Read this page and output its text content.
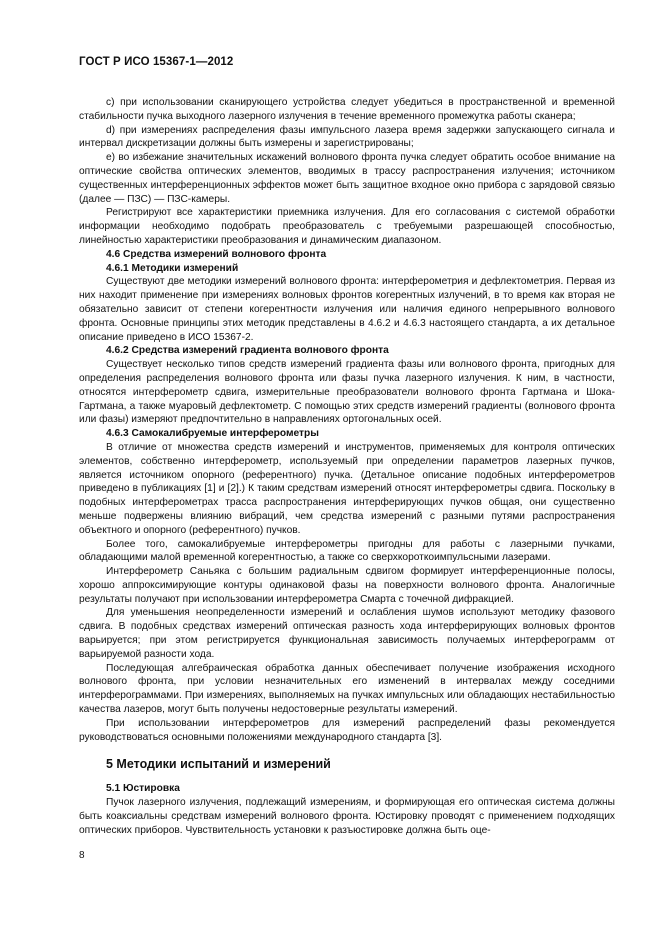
ГОСТ Р ИСО 15367-1—2012

c) при использовании сканирующего устройства следует убедиться в пространственной и временной стабильности пучка выходного лазерного излучения в течение временного промежутка работы сканера;

d) при измерениях распределения фазы импульсного лазера время задержки запускающего сигнала и интервал дискретизации должны быть измерены и зарегистрированы;

e) во избежание значительных искажений волнового фронта пучка следует обратить особое внимание на оптические свойства оптических элементов, вводимых в трассу распространения излучения; источником существенных интерференционных эффектов может быть защитное входное окно прибора с зарядовой связью (далее — ПЗС) — ПЗС-камеры.

Регистрируют все характеристики приемника излучения. Для его согласования с системой обработки информации необходимо подобрать преобразователь с требуемыми разрешающей способностью, линейностью характеристики преобразования и динамическим диапазоном.

4.6 Средства измерений волнового фронта
4.6.1 Методики измерений

Существуют две методики измерений волнового фронта: интерферометрия и дефлектометрия. Первая из них находит применение при измерениях волновых фронтов когерентных излучений, в то время как вторая не обязательно зависит от степени когерентности излучения или наличия единого непрерывного волнового фронта. Основные принципы этих методик представлены в 4.6.2 и 4.6.3 настоящего стандарта, а их детальное описание приведено в ИСО 15367-2.

4.6.2 Средства измерений градиента волнового фронта

Существует несколько типов средств измерений градиента фазы или волнового фронта, пригодных для определения распределения волнового фронта или фазы пучка лазерного излучения. К ним, в частности, относятся интерферометр сдвига, измерительные преобразователи волнового фронта Гартмана и Шока-Гартмана, а также муаровый дефлектометр. С помощью этих средств измерений градиенты (волнового фронта или фазы) измеряют предпочтительно в направлениях ортогональных осей.

4.6.3 Самокалибруемые интерферометры

В отличие от множества средств измерений и инструментов, применяемых для контроля оптических элементов, собственно интерферометр, используемый при определении параметров лазерных пучков, является источником опорного (референтного) пучка. (Детальное описание подобных интерферометров приведено в публикациях [1] и [2].) К таким средствам измерений относят интерферометры сдвига. Поскольку в подобных интерферометрах трасса распространения интерферирующих пучков общая, они существенно меньше подвержены влиянию вибраций, чем средства измерений с разными путями распространения объектного и опорного (референтного) пучков.

Более того, самокалибруемые интерферометры пригодны для работы с лазерными пучками, обладающими малой временной когерентностью, а также со сверхкороткоимпульсными лазерами.

Интерферометр Саньяка с большим радиальным сдвигом формирует интерференционные полосы, хорошо аппроксимирующие контуры одинаковой фазы на поверхности волнового фронта. Аналогичные результаты получают при использовании интерферометра Смарта с точечной дифракцией.

Для уменьшения неопределенности измерений и ослабления шумов используют методику фазового сдвига. В подобных средствах измерений оптическая разность хода интерферирующих волновых фронтов варьируется; при этом регистрируется функциональная зависимость получаемых интерферограмм от варьируемой разности хода.

Последующая алгебраическая обработка данных обеспечивает получение изображения исходного волнового фронта, при условии незначительных его изменений в интервалах между соседними интерферограммами. При измерениях, выполняемых на пучках импульсных или обладающих нестабильностью качества лазеров, могут быть получены недостоверные результаты измерений.

При использовании интерферометров для измерений распределений фазы рекомендуется руководствоваться основными положениями международного стандарта [3].

5 Методики испытаний и измерений
5.1 Юстировка

Пучок лазерного излучения, подлежащий измерениям, и формирующая его оптическая система должны быть коаксиальны средствам измерений волнового фронта. Юстировку проводят с применением подходящих оптических приборов. Чувствительность установки к разъюстировке должна быть оце-

8
